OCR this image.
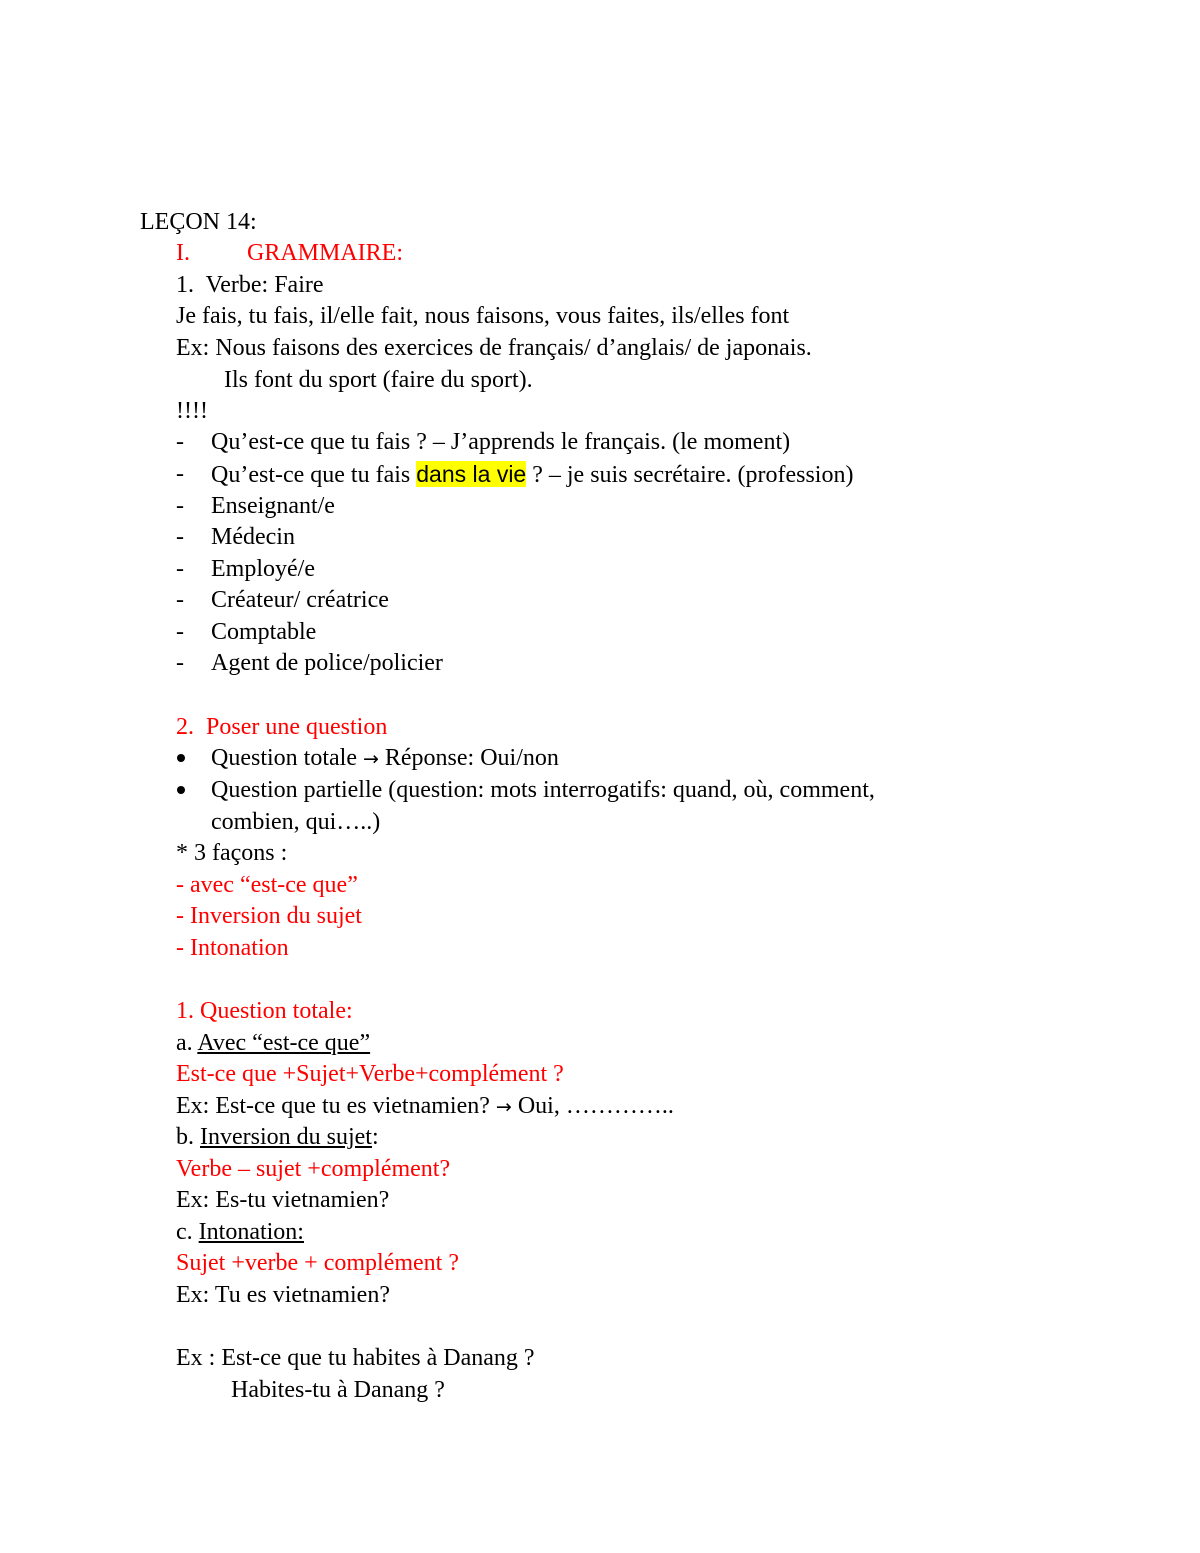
LEÇON 14:
I. GRAMMAIRE:
1.  Verbe: Faire
Je fais, tu fais, il/elle fait, nous faisons, vous faites, ils/elles font
Ex: Nous faisons des exercices de français/ d’anglais/ de japonais.
Ils font du sport (faire du sport).
!!!!
- Qu’est-ce que tu fais ? – J’apprends le français. (le moment)
- Qu’est-ce que tu fais dans la vie ? – je suis secrétaire. (profession)
- Enseignant/e
- Médecin
- Employé/e
- Créateur/ créatrice
- Comptable
- Agent de police/policier
2.  Poser une question
Question totale → Réponse: Oui/non
Question partielle (question: mots interrogatifs: quand, où, comment,
combien, qui…..)
* 3 façons :
- avec “est-ce que”
- Inversion du sujet
- Intonation
1. Question totale:
a. Avec “est-ce que”
Est-ce que +Sujet+Verbe+complément ?
Ex: Est-ce que tu es vietnamien? → Oui, …………..
b. Inversion du sujet:
Verbe – sujet +complément?
Ex: Es-tu vietnamien?
c. Intonation:
Sujet +verbe + complément ?
Ex: Tu es vietnamien?
Ex : Est-ce que tu habites à Danang ?
Habites-tu à Danang ?
